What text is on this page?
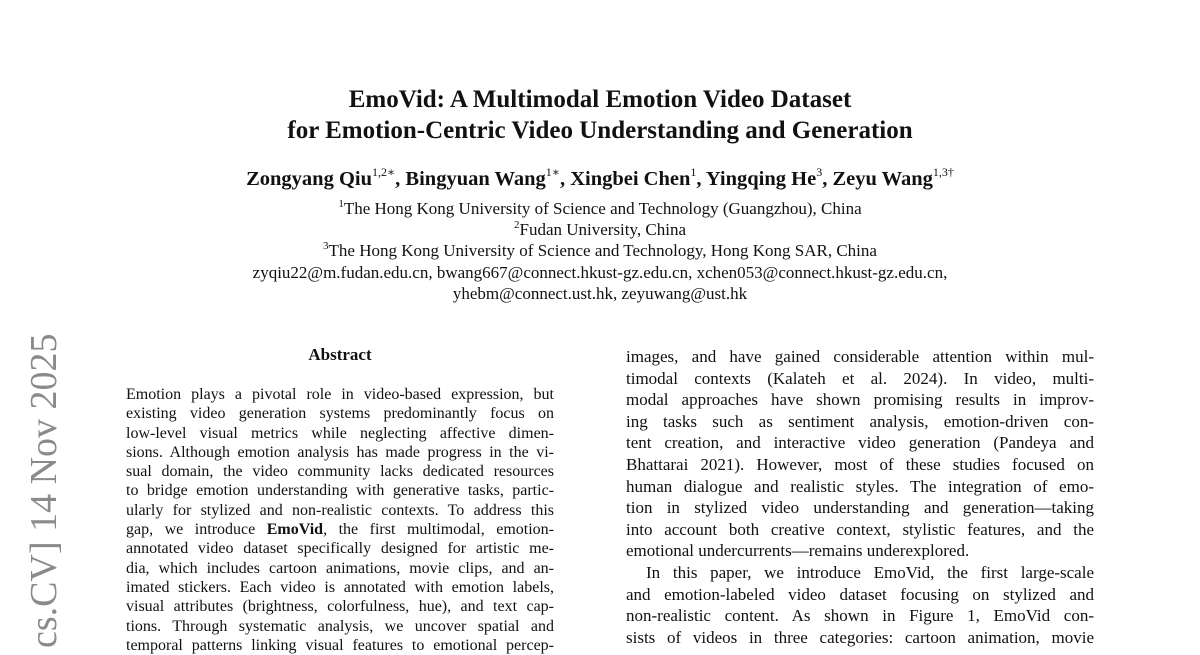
EmoVid: A Multimodal Emotion Video Dataset
for Emotion-Centric Video Understanding and Generation
Zongyang Qiu$^{1,2∗}$, Bingyuan Wang$^{1∗}$, Xingbei Chen$^1$, Yingqing He$^3$, Zeyu Wang$^{1,3\dagger}$
$^1$The Hong Kong University of Science and Technology (Guangzhou), China
$^2$Fudan University, China
$^3$The Hong Kong University of Science and Technology, Hong Kong SAR, China
zyqiu22@m.fudan.edu.cn, bwang667@connect.hkust-gz.edu.cn, xchen053@connect.hkust-gz.edu.cn,
yhebm@connect.ust.hk, zeyuwang@ust.hk
cs.CV] 14 Nov 2025	Abstract
Emotion plays a pivotal role in video-based expression, but
existing video generation systems predominantly focus on
low-level visual metrics while neglecting affective dimen-
sions. Although emotion analysis has made progress in the vi-
sual domain, the video community lacks dedicated resources
to bridge emotion understanding with generative tasks, partic-
ularly for stylized and non-realistic contexts. To address this
gap, we introduce EmoVid, the first multimodal, emotion-
annotated video dataset specifically designed for artistic me-
dia, which includes cartoon animations, movie clips, and an-
imated stickers. Each video is annotated with emotion labels,
visual attributes (brightness, colorfulness, hue), and text cap-
tions. Through systematic analysis, we uncover spatial and
temporal patterns linking visual features to emotional percep-
images, and have gained considerable attention within mul-
timodal contexts (Kalateh et al. 2024). In video, multi-
modal approaches have shown promising results in improv-
ing tasks such as sentiment analysis, emotion-driven con-
tent creation, and interactive video generation (Pandeya and
Bhattarai 2021). However, most of these studies focused on
human dialogue and realistic styles. The integration of emo-
tion in stylized video understanding and generation—taking
into account both creative context, stylistic features, and the
emotional undercurrents—remains underexplored.
In this paper, we introduce EmoVid, the first large-scale
and emotion-labeled video dataset focusing on stylized and
non-realistic content. As shown in Figure 1, EmoVid con-
sists of videos in three categories: cartoon animation, movie
